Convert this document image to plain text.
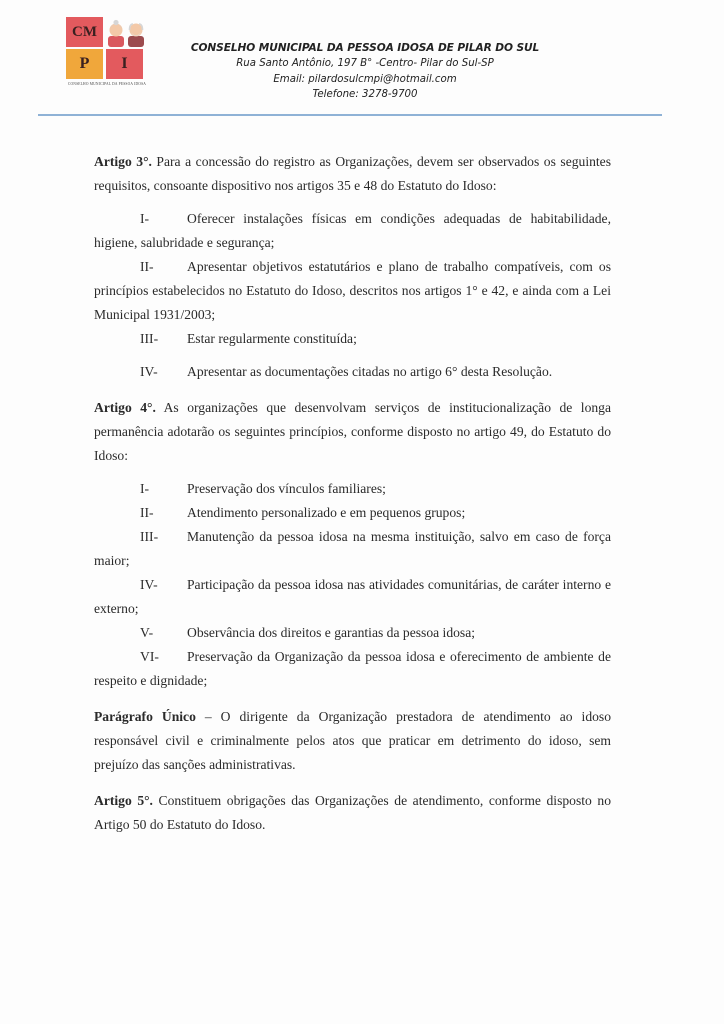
CM
P	I
CONSELHO MUNICIPAL DA PESSOA IDOSA
CONSELHO MUNICIPAL DA PESSOA IDOSA DE PILAR DO SUL
Rua Santo Antônio, 197 B° -Centro- Pilar do Sul-SP
Email: pilardosulcmpi@hotmail.com
Telefone: 3278-9700

Artigo 3°. Para a concessão do registro as Organizações, devem ser observados os seguintes requisitos, consoante dispositivo nos artigos 35 e 48 do Estatuto do Idoso:

I-	Oferecer instalações físicas em condições adequadas de habitabilidade, higiene, salubridade e segurança;

II- Apresentar objetivos estatutários e plano de trabalho compatíveis, com os princípios estabelecidos no Estatuto do Idoso, descritos nos artigos 1° e 42, e ainda com a Lei Municipal 1931/2003;

III- Estar regularmente constituída;

IV- Apresentar as documentações citadas no artigo 6° desta Resolução.

Artigo 4°. As organizações que desenvolvam serviços de institucionalização de longa permanência adotarão os seguintes princípios, conforme disposto no artigo 49, do Estatuto do Idoso:

I-	Preservação dos vínculos familiares;

II- Atendimento personalizado e em pequenos grupos;

III- Manutenção da pessoa idosa na mesma instituição, salvo em caso de força maior;

IV- Participação da pessoa idosa nas atividades comunitárias, de caráter interno e externo;

V- Observância dos direitos e garantias da pessoa idosa;

VI- Preservação da Organização da pessoa idosa e oferecimento de ambiente de respeito e dignidade;

Parágrafo Único – O dirigente da Organização prestadora de atendimento ao idoso responsável civil e criminalmente pelos atos que praticar em detrimento do idoso, sem prejuízo das sanções administrativas.

Artigo 5°. Constituem obrigações das Organizações de atendimento, conforme disposto no Artigo 50 do Estatuto do Idoso.
